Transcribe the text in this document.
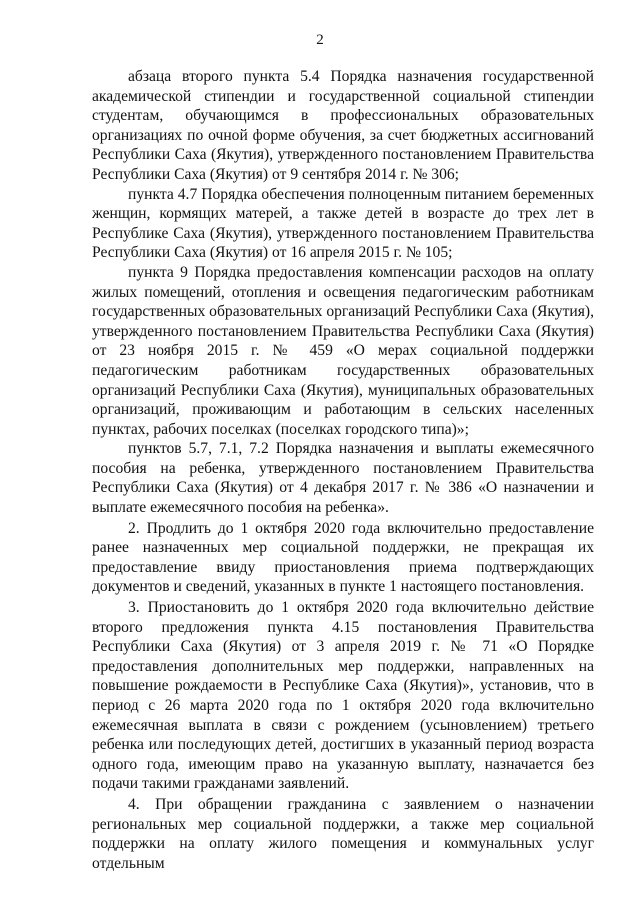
2

абзаца второго пункта 5.4 Порядка назначения государственной академической стипендии и государственной социальной стипендии студентам, обучающимся в профессиональных образовательных организациях по очной форме обучения, за счет бюджетных ассигнований Республики Саха (Якутия), утвержденного постановлением Правительства Республики Саха (Якутия) от 9 сентября 2014 г. № 306;

пункта 4.7 Порядка обеспечения полноценным питанием беременных женщин, кормящих матерей, а также детей в возрасте до трех лет в Республике Саха (Якутия), утвержденного постановлением Правительства Республики Саха (Якутия) от 16 апреля 2015 г. № 105;

пункта 9 Порядка предоставления компенсации расходов на оплату жилых помещений, отопления и освещения педагогическим работникам государственных образовательных организаций Республики Саха (Якутия), утвержденного постановлением Правительства Республики Саха (Якутия) от 23 ноября 2015 г. № 459 «О мерах социальной поддержки педагогическим работникам государственных образовательных организаций Республики Саха (Якутия), муниципальных образовательных организаций, проживающим и работающим в сельских населенных пунктах, рабочих поселках (поселках городского типа)»;

пунктов 5.7, 7.1, 7.2 Порядка назначения и выплаты ежемесячного пособия на ребенка, утвержденного постановлением Правительства Республики Саха (Якутия) от 4 декабря 2017 г. № 386 «О назначении и выплате ежемесячного пособия на ребенка».

2. Продлить до 1 октября 2020 года включительно предоставление ранее назначенных мер социальной поддержки, не прекращая их предоставление ввиду приостановления приема подтверждающих документов и сведений, указанных в пункте 1 настоящего постановления.

3. Приостановить до 1 октября 2020 года включительно действие второго предложения пункта 4.15 постановления Правительства Республики Саха (Якутия) от 3 апреля 2019 г. № 71 «О Порядке предоставления дополнительных мер поддержки, направленных на повышение рождаемости в Республике Саха (Якутия)», установив, что в период с 26 марта 2020 года по 1 октября 2020 года включительно ежемесячная выплата в связи с рождением (усыновлением) третьего ребенка или последующих детей, достигших в указанный период возраста одного года, имеющим право на указанную выплату, назначается без подачи такими гражданами заявлений.

4. При обращении гражданина с заявлением о назначении региональных мер социальной поддержки, а также мер социальной поддержки на оплату жилого помещения и коммунальных услуг отдельным
